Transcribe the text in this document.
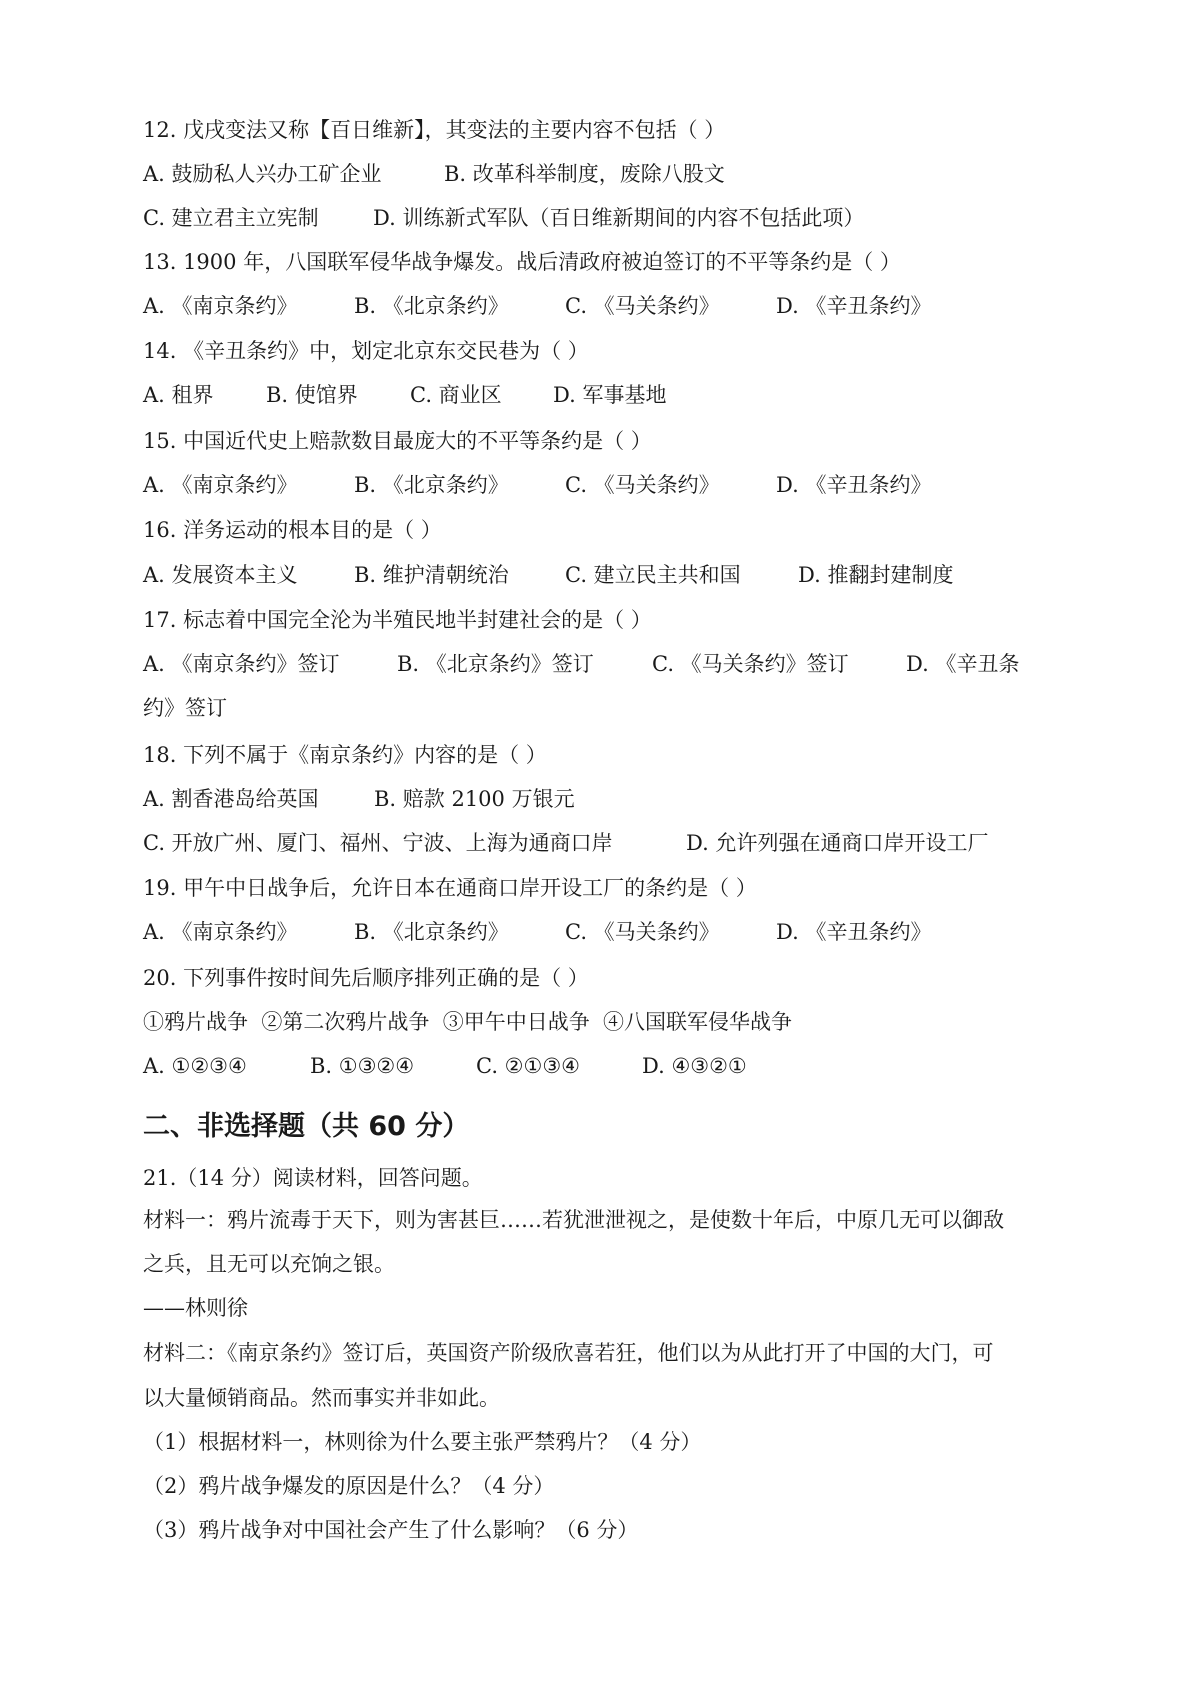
12. 戊戌变法又称【百日维新】，其变法的主要内容不包括（ ）
A. 鼓励私人兴办工矿企业	B. 改革科举制度，废除八股文
C. 建立君主立宪制	D. 训练新式军队（百日维新期间的内容不包括此项）
13. 1900 年，八国联军侵华战争爆发。战后清政府被迫签订的不平等条约是（ ）
A. 《南京条约》	B. 《北京条约》	C. 《马关条约》	D. 《辛丑条约》
14. 《辛丑条约》中，划定北京东交民巷为（ ）
A. 租界 B. 使馆界 C. 商业区 D. 军事基地
15. 中国近代史上赔款数目最庞大的不平等条约是（ ）
A. 《南京条约》	B. 《北京条约》	C. 《马关条约》	D. 《辛丑条约》
16. 洋务运动的根本目的是（ ）
A. 发展资本主义	B. 维护清朝统治	C. 建立民主共和国	D. 推翻封建制度
17. 标志着中国完全沦为半殖民地半封建社会的是（ ）
A. 《南京条约》签订	B. 《北京条约》签订	C. 《马关条约》签订	D. 《辛丑条
约》签订
18. 下列不属于《南京条约》内容的是（ ）
A. 割香港岛给英国	B. 赔款 2100 万银元
C. 开放广州、厦门、福州、宁波、上海为通商口岸	D. 允许列强在通商口岸开设工厂
19. 甲午中日战争后，允许日本在通商口岸开设工厂的条约是（ ）
A. 《南京条约》	B. 《北京条约》	C. 《马关条约》	D. 《辛丑条约》
20. 下列事件按时间先后顺序排列正确的是（ ）
①鸦片战争  ②第二次鸦片战争  ③甲午中日战争  ④八国联军侵华战争
A. ①②③④	B. ①③②④	C. ②①③④	D. ④③②①
二、非选择题（共 60 分）
21.（14 分）阅读材料，回答问题。
材料一：鸦片流毒于天下，则为害甚巨……若犹泄泄视之，是使数十年后，中原几无可以御敌
之兵，且无可以充饷之银。
——林则徐
材料二：《南京条约》签订后，英国资产阶级欣喜若狂，他们以为从此打开了中国的大门，可
以大量倾销商品。然而事实并非如此。
（1）根据材料一，林则徐为什么要主张严禁鸦片？（4 分）
（2）鸦片战争爆发的原因是什么？（4 分）
（3）鸦片战争对中国社会产生了什么影响？（6 分）
